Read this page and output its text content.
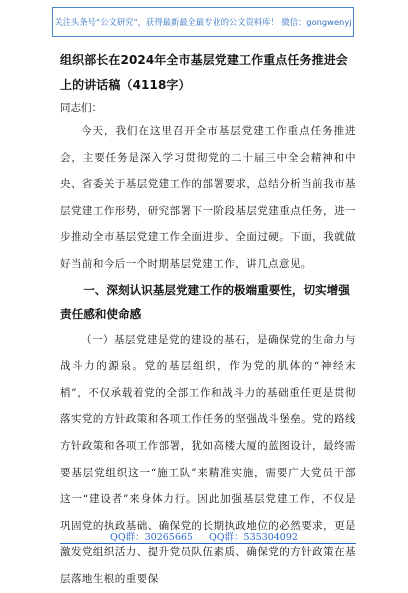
关注头条号“公文研究”，获得最新最全最专业的公文资料库！ 微信：gongwenyj

组织部长在2024年全市基层党建工作重点任务推进会上的讲话稿（4118字）

同志们：

今天，我们在这里召开全市基层党建工作重点任务推进会，主要任务是深入学习贯彻党的二十届三中全会精神和中央、省委关于基层党建工作的部署要求，总结分析当前我市基层党建工作形势，研究部署下一阶段基层党建重点任务，进一步推动全市基层党建工作全面进步、全面过硬。下面，我就做好当前和今后一个时期基层党建工作，讲几点意见。

一、深刻认识基层党建工作的极端重要性，切实增强责任感和使命感

（一）基层党建是党的建设的基石，是确保党的生命力与战斗力的源泉。党的基层组织，作为党的肌体的“神经末梢”，不仅承载着党的全部工作和战斗力的基础重任更是贯彻落实党的方针政策和各项工作任务的坚强战斗堡垒。党的路线方针政策和各项工作部署，犹如高楼大厦的蓝图设计，最终需要基层党组织这一“施工队”来精准实施，需要广大党员干部这一“建设者”来身体力行。因此加强基层党建工作，不仅是巩固党的执政基础、确保党的长期执政地位的必然要求，更是激发党组织活力、提升党员队伍素质、确保党的方针政策在基层落地生根的重要保

QQ群：30265665 QQ群：535304092
